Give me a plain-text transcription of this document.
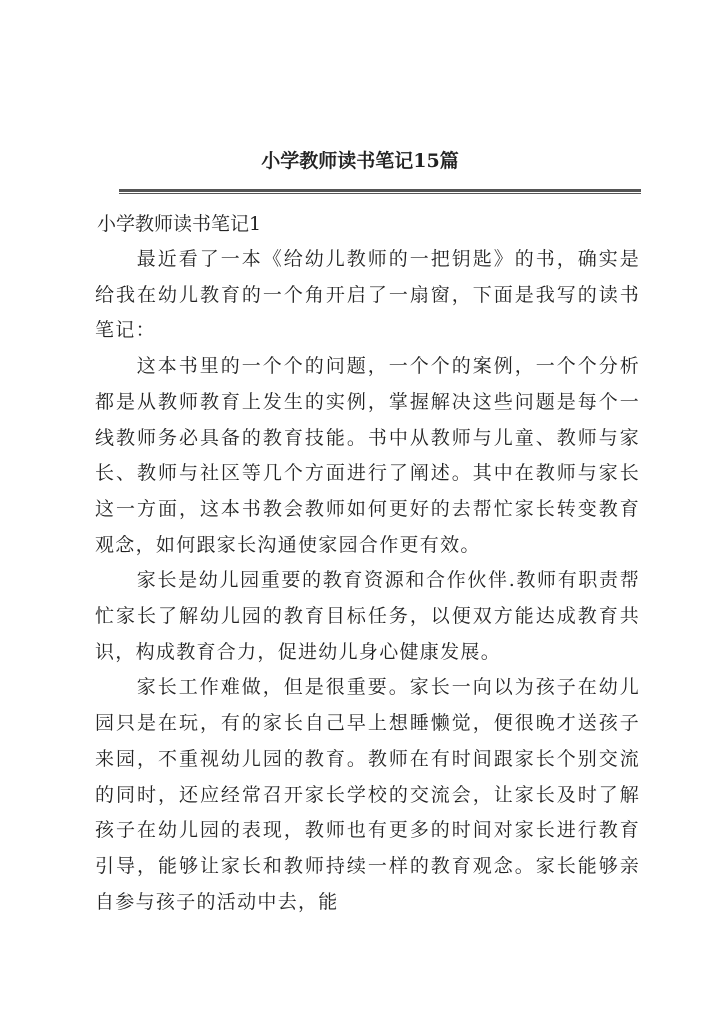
小学教师读书笔记15篇
小学教师读书笔记1

最近看了一本《给幼儿教师的一把钥匙》的书，确实是给我在幼儿教育的一个角开启了一扇窗，下面是我写的读书笔记：

这本书里的一个个的问题，一个个的案例，一个个分析都是从教师教育上发生的实例，掌握解决这些问题是每个一线教师务必具备的教育技能。书中从教师与儿童、教师与家长、教师与社区等几个方面进行了阐述。其中在教师与家长这一方面，这本书教会教师如何更好的去帮忙家长转变教育观念，如何跟家长沟通使家园合作更有效。

家长是幼儿园重要的教育资源和合作伙伴.教师有职责帮忙家长了解幼儿园的教育目标任务，以便双方能达成教育共识，构成教育合力，促进幼儿身心健康发展。

家长工作难做，但是很重要。家长一向以为孩子在幼儿园只是在玩，有的家长自己早上想睡懒觉，便很晚才送孩子来园，不重视幼儿园的教育。教师在有时间跟家长个别交流的同时，还应经常召开家长学校的交流会，让家长及时了解孩子在幼儿园的表现，教师也有更多的时间对家长进行教育引导，能够让家长和教师持续一样的教育观念。家长能够亲自参与孩子的活动中去，能
